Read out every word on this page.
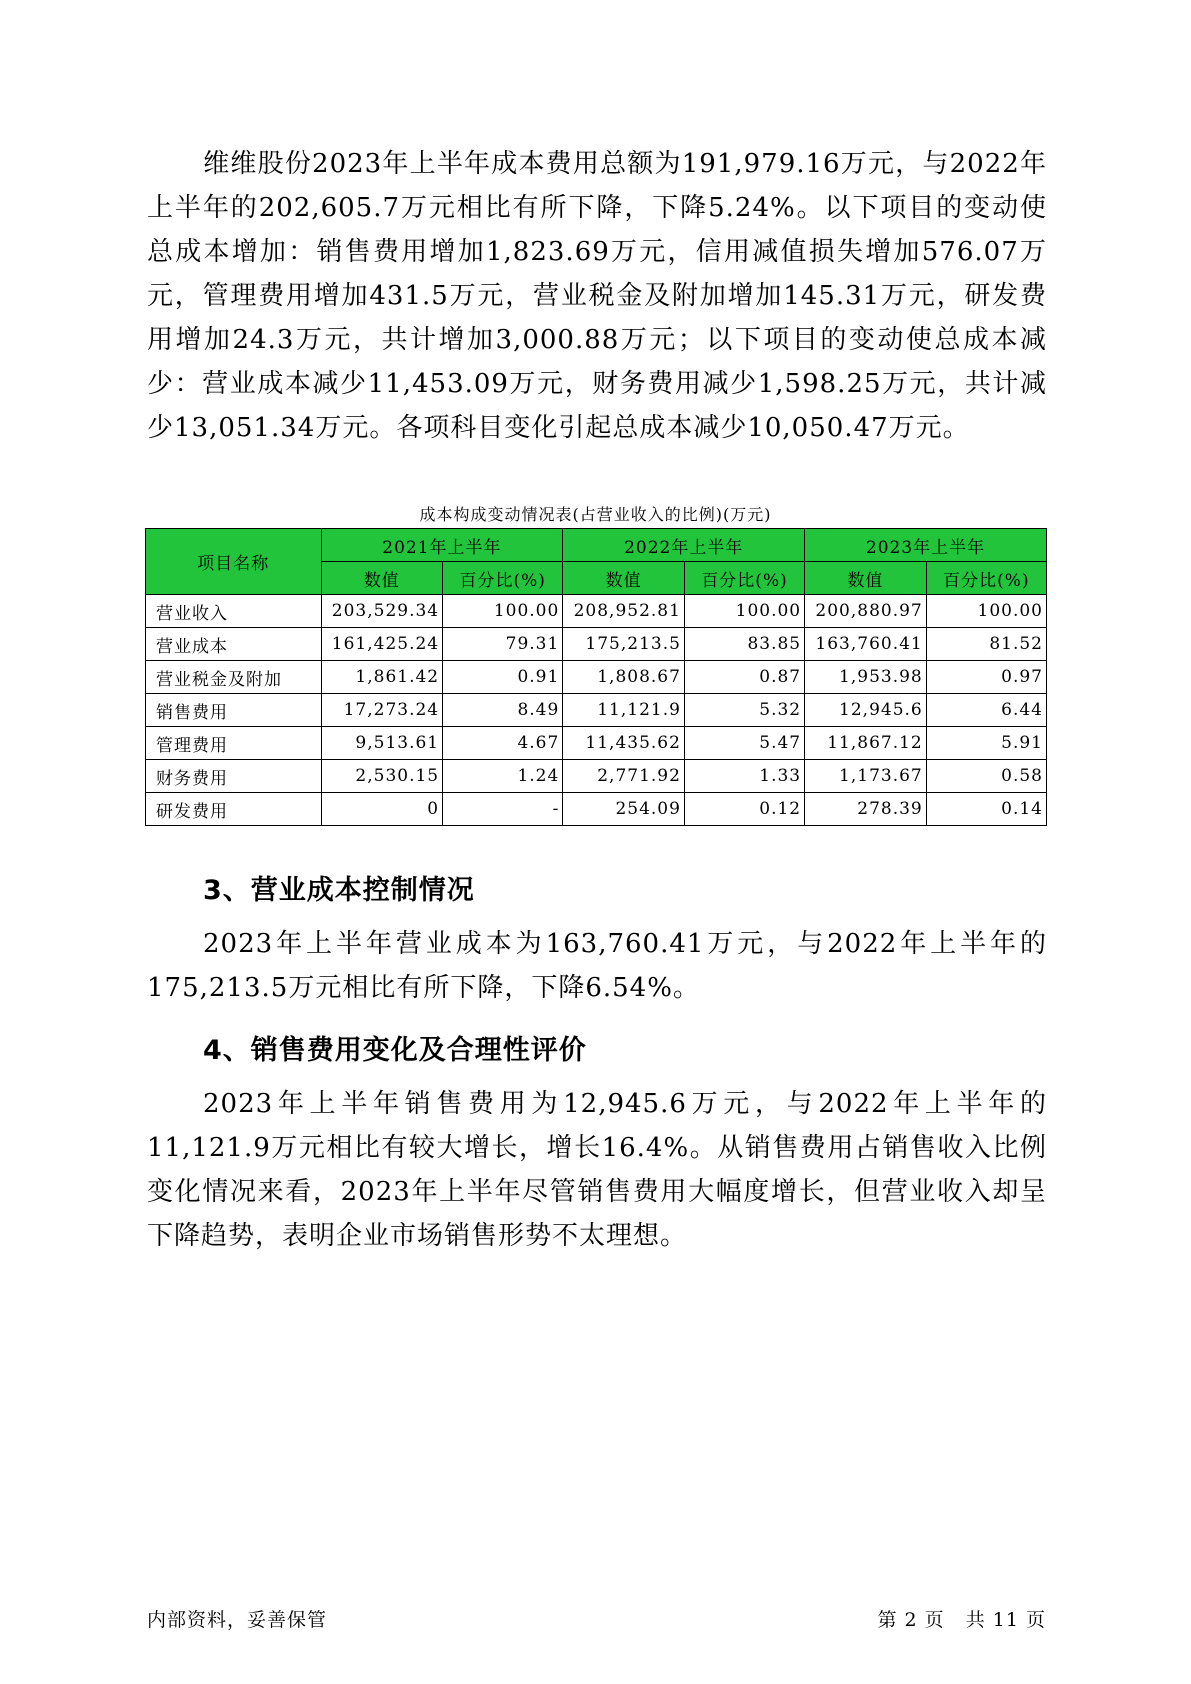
维维股份2023年上半年成本费用总额为191,979.16万元，与2022年上半年的202,605.7万元相比有所下降，下降5.24%。以下项目的变动使总成本增加：销售费用增加1,823.69万元，信用减值损失增加576.07万元，管理费用增加431.5万元，营业税金及附加增加145.31万元，研发费用增加24.3万元，共计增加3,000.88万元；以下项目的变动使总成本减少：营业成本减少11,453.09万元，财务费用减少1,598.25万元，共计减少13,051.34万元。各项科目变化引起总成本减少10,050.47万元。
成本构成变动情况表(占营业收入的比例)(万元)
项目名称	2021年上半年		2022年上半年		2023年上半年	
	数值	百分比(%)	数值	百分比(%)	数值	百分比(%)
营业收入	203,529.34	100.00	208,952.81	100.00	200,880.97	100.00
营业成本	161,425.24	79.31	175,213.5	83.85	163,760.41	81.52
营业税金及附加	1,861.42	0.91	1,808.67	0.87	1,953.98	0.97
销售费用	17,273.24	8.49	11,121.9	5.32	12,945.6	6.44
管理费用	9,513.61	4.67	11,435.62	5.47	11,867.12	5.91
财务费用	2,530.15	1.24	2,771.92	1.33	1,173.67	0.58
研发费用	0	-	254.09	0.12	278.39	0.14
3、营业成本控制情况
2023年上半年营业成本为163,760.41万元，与2022年上半年的175,213.5万元相比有所下降，下降6.54%。
4、销售费用变化及合理性评价
2023年上半年销售费用为12,945.6万元，与2022年上半年的11,121.9万元相比有较大增长，增长16.4%。从销售费用占销售收入比例变化情况来看，2023年上半年尽管销售费用大幅度增长，但营业收入却呈下降趋势，表明企业市场销售形势不太理想。
内部资料，妥善保管	第 2 页   共 11 页
